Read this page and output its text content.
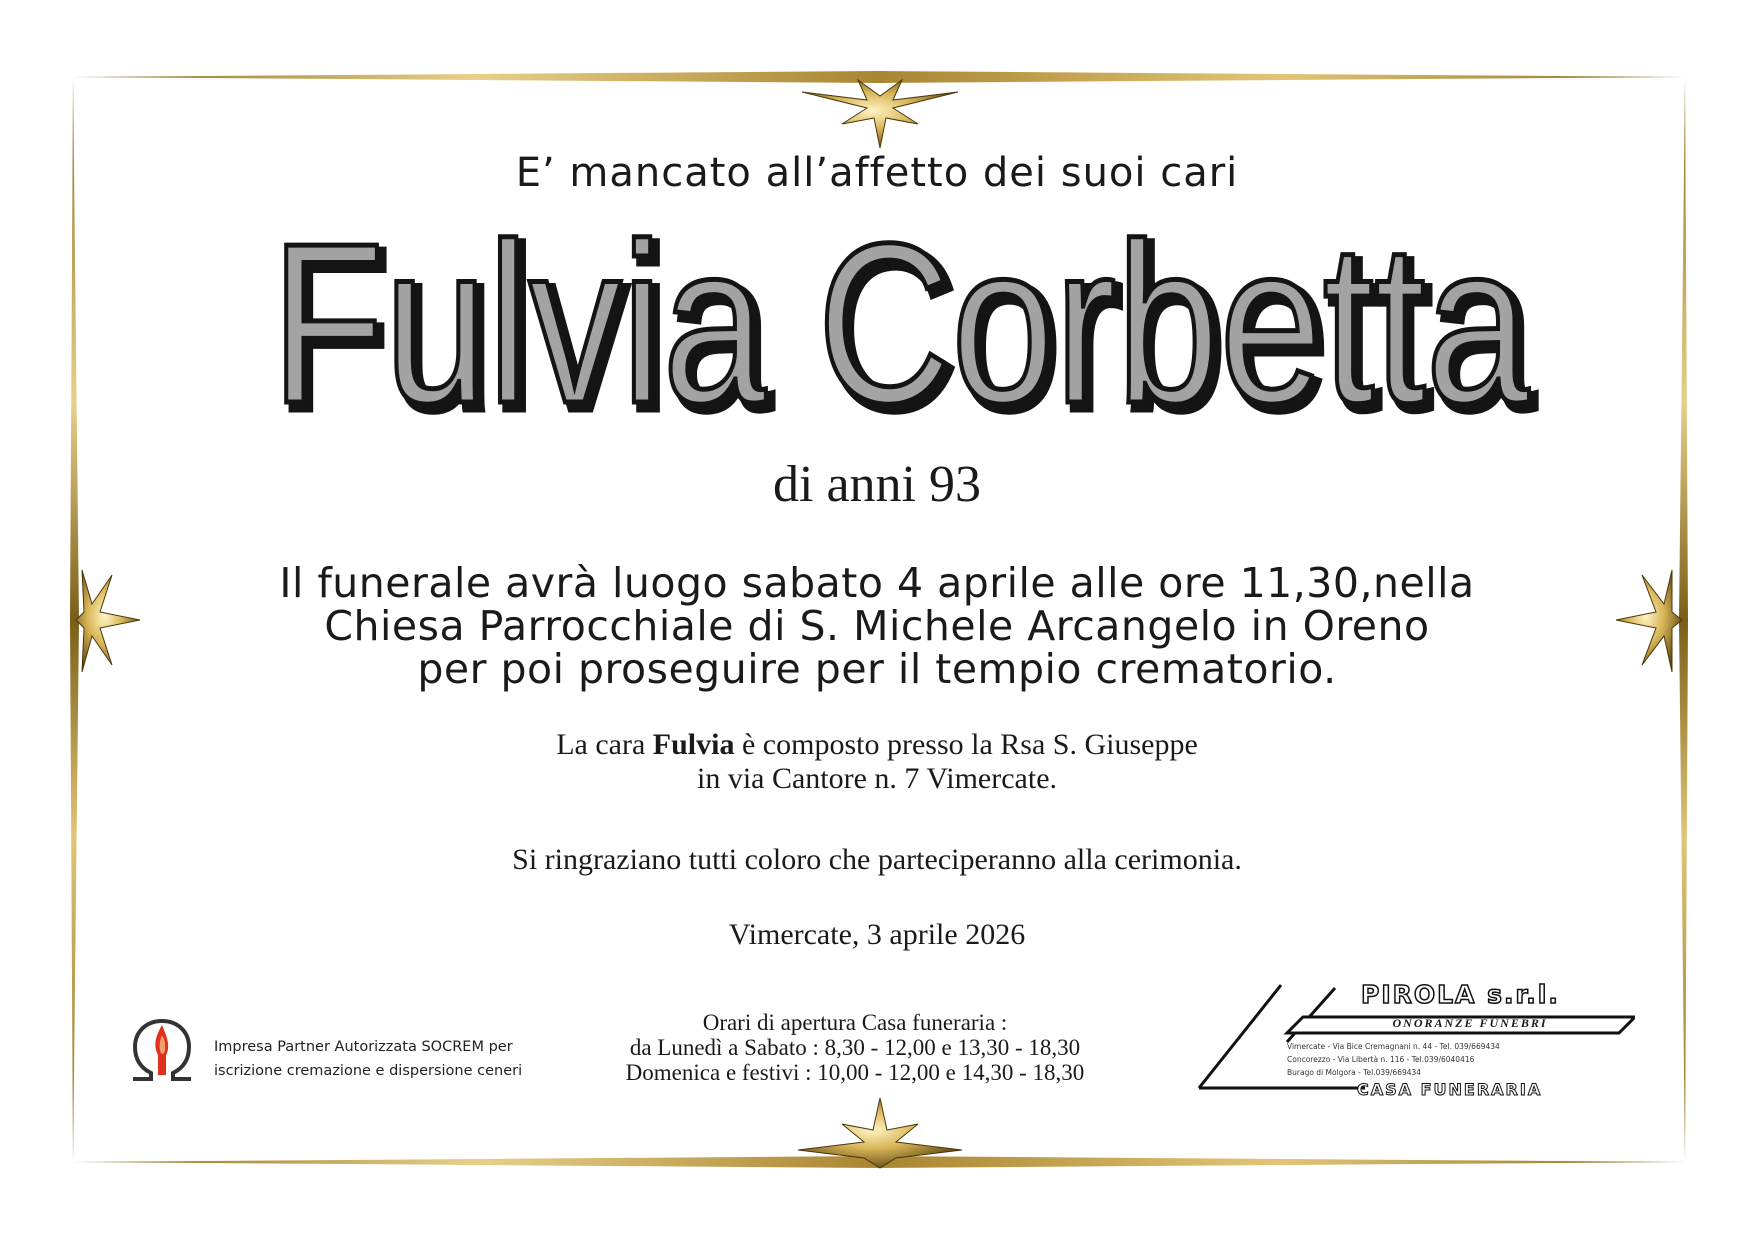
E’ mancato all’affetto dei suoi cari
Fulvia Corbetta
Fulvia Corbetta
di anni 93
Il funerale avrà luogo sabato 4 aprile alle ore 11,30,nella
Chiesa Parrocchiale di S. Michele Arcangelo in Oreno
per poi proseguire per il tempio crematorio.
La cara Fulvia è composto presso la Rsa S. Giuseppe
in via Cantore n. 7 Vimercate.
Si ringraziano tutti coloro che parteciperanno alla cerimonia.
Vimercate, 3 aprile 2026
Orari di apertura Casa funeraria :
da Lunedì a Sabato : 8,30 - 12,00 e 13,30 - 18,30
Domenica e festivi : 10,00 - 12,00 e 14,30 - 18,30
Impresa Partner Autorizzata SOCREM per
iscrizione cremazione e dispersione ceneri
PIROLA s.r.l.
ONORANZE FUNEBRI
Vimercate - Via Bice Cremagnani n. 44 - Tel. 039/669434
Concorezzo - Via Libertà n. 116 - Tel.039/6040416
Burago di Molgora - Tel.039/669434
CASA FUNERARIA
